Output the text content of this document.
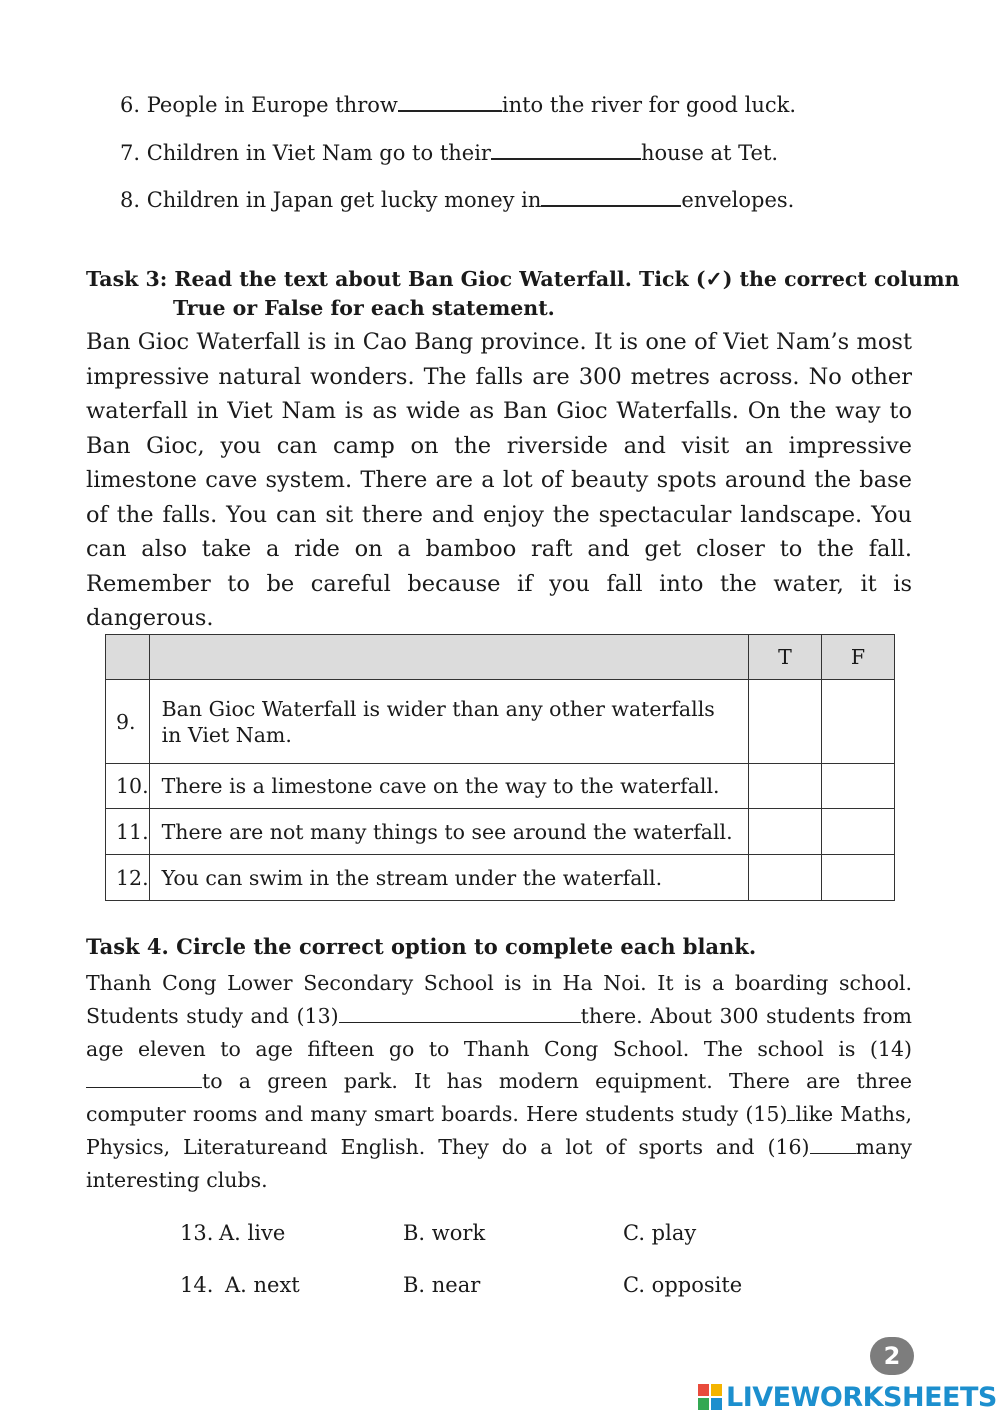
6. People in Europe throw	into the river for good luck.
7. Children in Viet Nam go to their	house at Tet.
8. Children in Japan get lucky money in	envelopes.
Task 3: Read the text about Ban Gioc Waterfall. Tick (✓) the correct column
True or False for each statement.
Ban Gioc Waterfall is in Cao Bang province. It is one of Viet Nam’s most impressive natural wonders. The falls are 300 metres across. No other waterfall in Viet Nam is as wide as Ban Gioc Waterfalls. On the way to Ban Gioc, you can camp on the riverside and visit an impressive limestone cave system. There are a lot of beauty spots around the base of the falls. You can sit there and enjoy the spectacular landscape. You can also take a ride on a bamboo raft and get closer to the fall. Remember to be careful because if you fall into the water, it is dangerous.
		T	F
9.	Ban Gioc Waterfall is wider than any other waterfalls in Viet Nam.		
10.	There is a limestone cave on the way to the waterfall.		
11.	There are not many things to see around the waterfall.		
12.	You can swim in the stream under the waterfall.		
Task 4. Circle the correct option to complete each blank.
Thanh Cong Lower Secondary School is in Ha Noi. It is a boarding school. Students study and (13)	there. About 300 students from age eleven to age fifteen go to Thanh Cong School. The school is (14)to a green park. It has modern equipment. There are three computer rooms and many smart boards. Here students study (15) like Maths, Physics, Literatureand English. They do a lot of sports and (16) many interesting clubs.
13. A. live	B. work	C. play
14. A. next	B. near	C. opposite
2
LIVEWORKSHEETS
